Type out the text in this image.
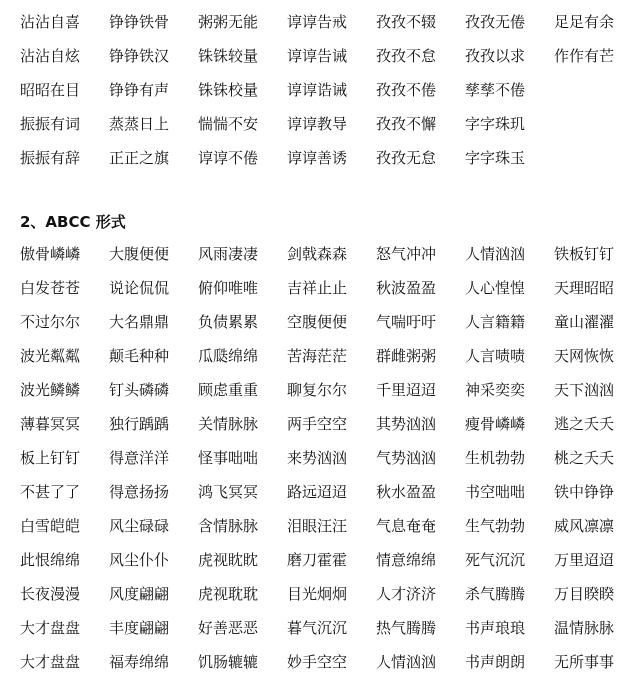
沾沾自喜	铮铮铁骨	粥粥无能	谆谆告戒	孜孜不辍	孜孜无倦	足足有余
沾沾自炫	铮铮铁汉	铢铢较量	谆谆告诫	孜孜不怠	孜孜以求	作作有芒
昭昭在目	铮铮有声	铢铢校量	谆谆诰诫	孜孜不倦	孳孳不倦
振振有词	蒸蒸日上	惴惴不安	谆谆教导	孜孜不懈	字字珠玑
振振有辞	正正之旗	谆谆不倦	谆谆善诱	孜孜无怠	字字珠玉
2、ABCC 形式
傲骨嶙嶙	大腹便便	风雨凄凄	剑戟森森	怒气冲冲	人情汹汹	铁板钉钉
白发苍苍	说论侃侃	俯仰唯唯	吉祥止止	秋波盈盈	人心惶惶	天理昭昭
不过尔尔	大名鼎鼎	负债累累	空腹便便	气喘吁吁	人言籍籍	童山濯濯
波光粼粼	颠毛种种	瓜瓞绵绵	苦海茫茫	群雌粥粥	人言啧啧	天网恢恢
波光鳞鳞	钉头磷磷	顾虑重重	聊复尔尔	千里迢迢	神采奕奕	天下汹汹
薄暮冥冥	独行踽踽	关情脉脉	两手空空	其势汹汹	瘦骨嶙嶙	逃之夭夭
板上钉钉	得意洋洋	怪事咄咄	来势汹汹	气势汹汹	生机勃勃	桃之夭夭
不甚了了	得意扬扬	鸿飞冥冥	路远迢迢	秋水盈盈	书空咄咄	铁中铮铮
白雪皑皑	风尘碌碌	含情脉脉	泪眼汪汪	气息奄奄	生气勃勃	威风凛凛
此恨绵绵	风尘仆仆	虎视眈眈	磨刀霍霍	情意绵绵	死气沉沉	万里迢迢
长夜漫漫	风度翩翩	虎视耽耽	目光炯炯	人才济济	杀气腾腾	万目睽睽
大才盘盘	丰度翩翩	好善恶恶	暮气沉沉	热气腾腾	书声琅琅	温情脉脉
大才盘盘	福寿绵绵	饥肠辘辘	妙手空空	人情汹汹	书声朗朗	无所事事
